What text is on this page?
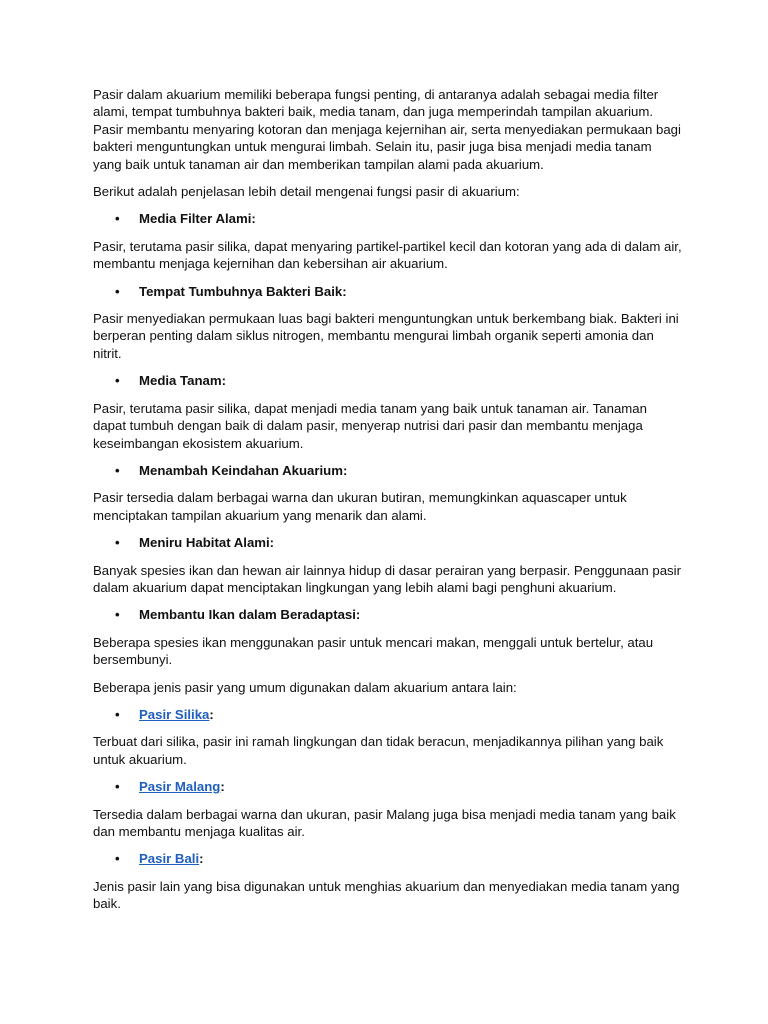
Pasir dalam akuarium memiliki beberapa fungsi penting, di antaranya adalah sebagai media filter alami, tempat tumbuhnya bakteri baik, media tanam, dan juga memperindah tampilan akuarium. Pasir membantu menyaring kotoran dan menjaga kejernihan air, serta menyediakan permukaan bagi bakteri menguntungkan untuk mengurai limbah. Selain itu, pasir juga bisa menjadi media tanam yang baik untuk tanaman air dan memberikan tampilan alami pada akuarium.

Berikut adalah penjelasan lebih detail mengenai fungsi pasir di akuarium:

• Media Filter Alami:

Pasir, terutama pasir silika, dapat menyaring partikel-partikel kecil dan kotoran yang ada di dalam air, membantu menjaga kejernihan dan kebersihan air akuarium.

• Tempat Tumbuhnya Bakteri Baik:

Pasir menyediakan permukaan luas bagi bakteri menguntungkan untuk berkembang biak. Bakteri ini berperan penting dalam siklus nitrogen, membantu mengurai limbah organik seperti amonia dan nitrit.

• Media Tanam:

Pasir, terutama pasir silika, dapat menjadi media tanam yang baik untuk tanaman air. Tanaman dapat tumbuh dengan baik di dalam pasir, menyerap nutrisi dari pasir dan membantu menjaga keseimbangan ekosistem akuarium.

• Menambah Keindahan Akuarium:

Pasir tersedia dalam berbagai warna dan ukuran butiran, memungkinkan aquascaper untuk menciptakan tampilan akuarium yang menarik dan alami.

• Meniru Habitat Alami:

Banyak spesies ikan dan hewan air lainnya hidup di dasar perairan yang berpasir. Penggunaan pasir dalam akuarium dapat menciptakan lingkungan yang lebih alami bagi penghuni akuarium.

• Membantu Ikan dalam Beradaptasi:

Beberapa spesies ikan menggunakan pasir untuk mencari makan, menggali untuk bertelur, atau bersembunyi.

Beberapa jenis pasir yang umum digunakan dalam akuarium antara lain:

• Pasir Silika:

Terbuat dari silika, pasir ini ramah lingkungan dan tidak beracun, menjadikannya pilihan yang baik untuk akuarium.

• Pasir Malang:

Tersedia dalam berbagai warna dan ukuran, pasir Malang juga bisa menjadi media tanam yang baik dan membantu menjaga kualitas air.

• Pasir Bali:

Jenis pasir lain yang bisa digunakan untuk menghias akuarium dan menyediakan media tanam yang baik.
